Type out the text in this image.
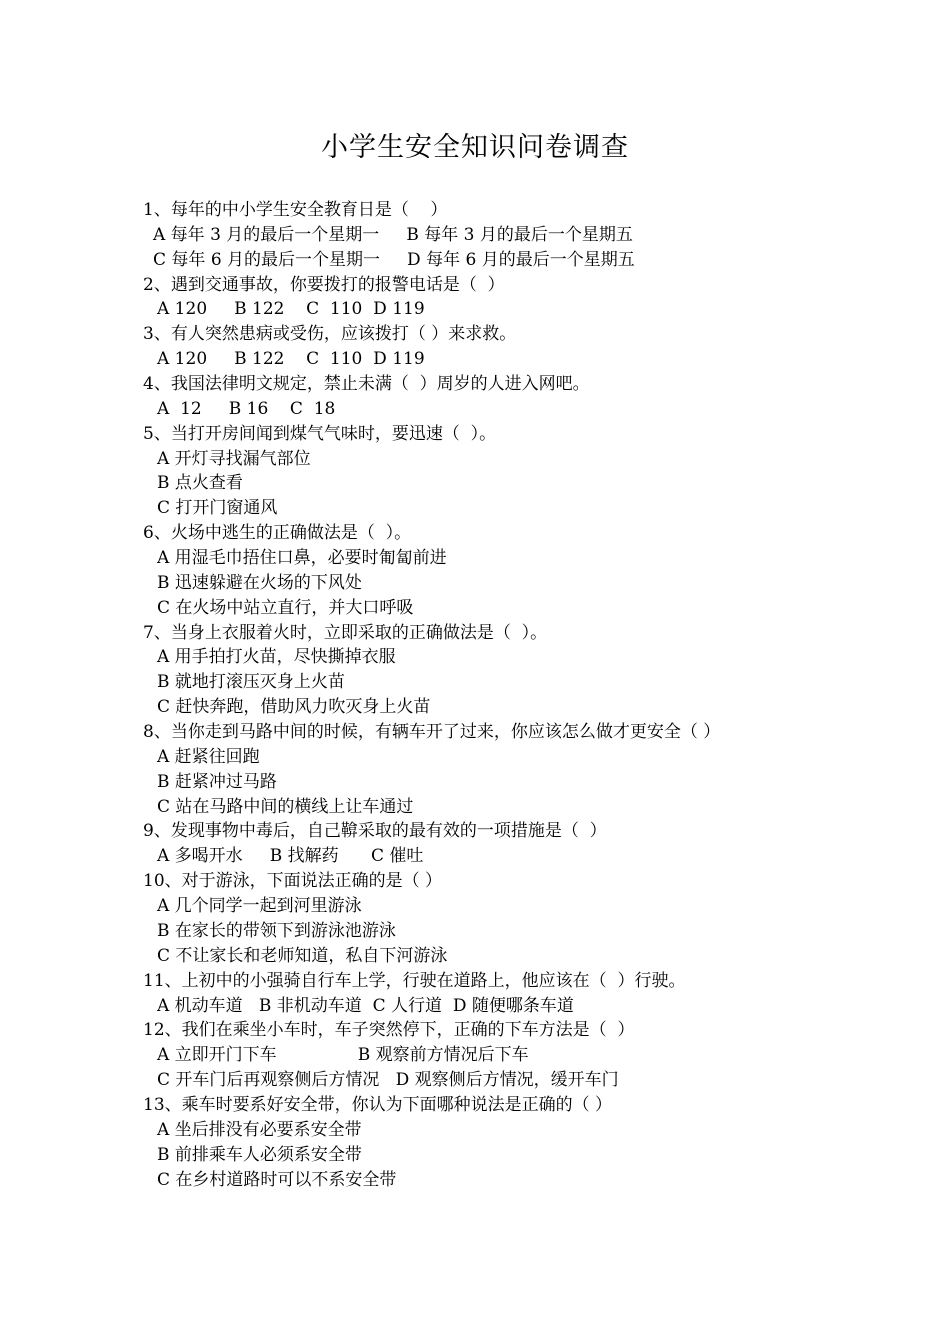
小学生安全知识问卷调查
1、每年的中小学生安全教育日是（    ）
A 每年 3 月的最后一个星期一     B 每年 3 月的最后一个星期五
C 每年 6 月的最后一个星期一     D 每年 6 月的最后一个星期五
2、遇到交通事故，你要拨打的报警电话是（  ）
A 120     B 122    C  110  D 119
3、有人突然患病或受伤，应该拨打（ ）来求救。
A 120     B 122    C  110  D 119
4、我国法律明文规定，禁止未满（  ）周岁的人进入网吧。
A  12     B 16    C  18
5、当打开房间闻到煤气气味时，要迅速（  ）。
A 开灯寻找漏气部位
B 点火查看
C 打开门窗通风
6、火场中逃生的正确做法是（  ）。
A 用湿毛巾捂住口鼻，必要时匍匐前进
B 迅速躲避在火场的下风处
C 在火场中站立直行，并大口呼吸
7、当身上衣服着火时，立即采取的正确做法是（  ）。
A 用手拍打火苗，尽快撕掉衣服
B 就地打滚压灭身上火苗
C 赶快奔跑，借助风力吹灭身上火苗
8、当你走到马路中间的时候，有辆车开了过来，你应该怎么做才更安全（ ）
A 赶紧往回跑
B 赶紧冲过马路
C 站在马路中间的横线上让车通过
9、发现事物中毒后，自己鞥采取的最有效的一项措施是（  ）
A 多喝开水     B 找解药      C 催吐
10、对于游泳，下面说法正确的是（ ）
A 几个同学一起到河里游泳
B 在家长的带领下到游泳池游泳
C 不让家长和老师知道，私自下河游泳
11、上初中的小强骑自行车上学，行驶在道路上，他应该在（  ）行驶。
A 机动车道   B 非机动车道  C 人行道  D 随便哪条车道
12、我们在乘坐小车时，车子突然停下，正确的下车方法是（  ）
A 立即开门下车               B 观察前方情况后下车
C 开车门后再观察侧后方情况   D 观察侧后方情况，缓开车门
13、乘车时要系好安全带，你认为下面哪种说法是正确的（ ）
A 坐后排没有必要系安全带
B 前排乘车人必须系安全带
C 在乡村道路时可以不系安全带
